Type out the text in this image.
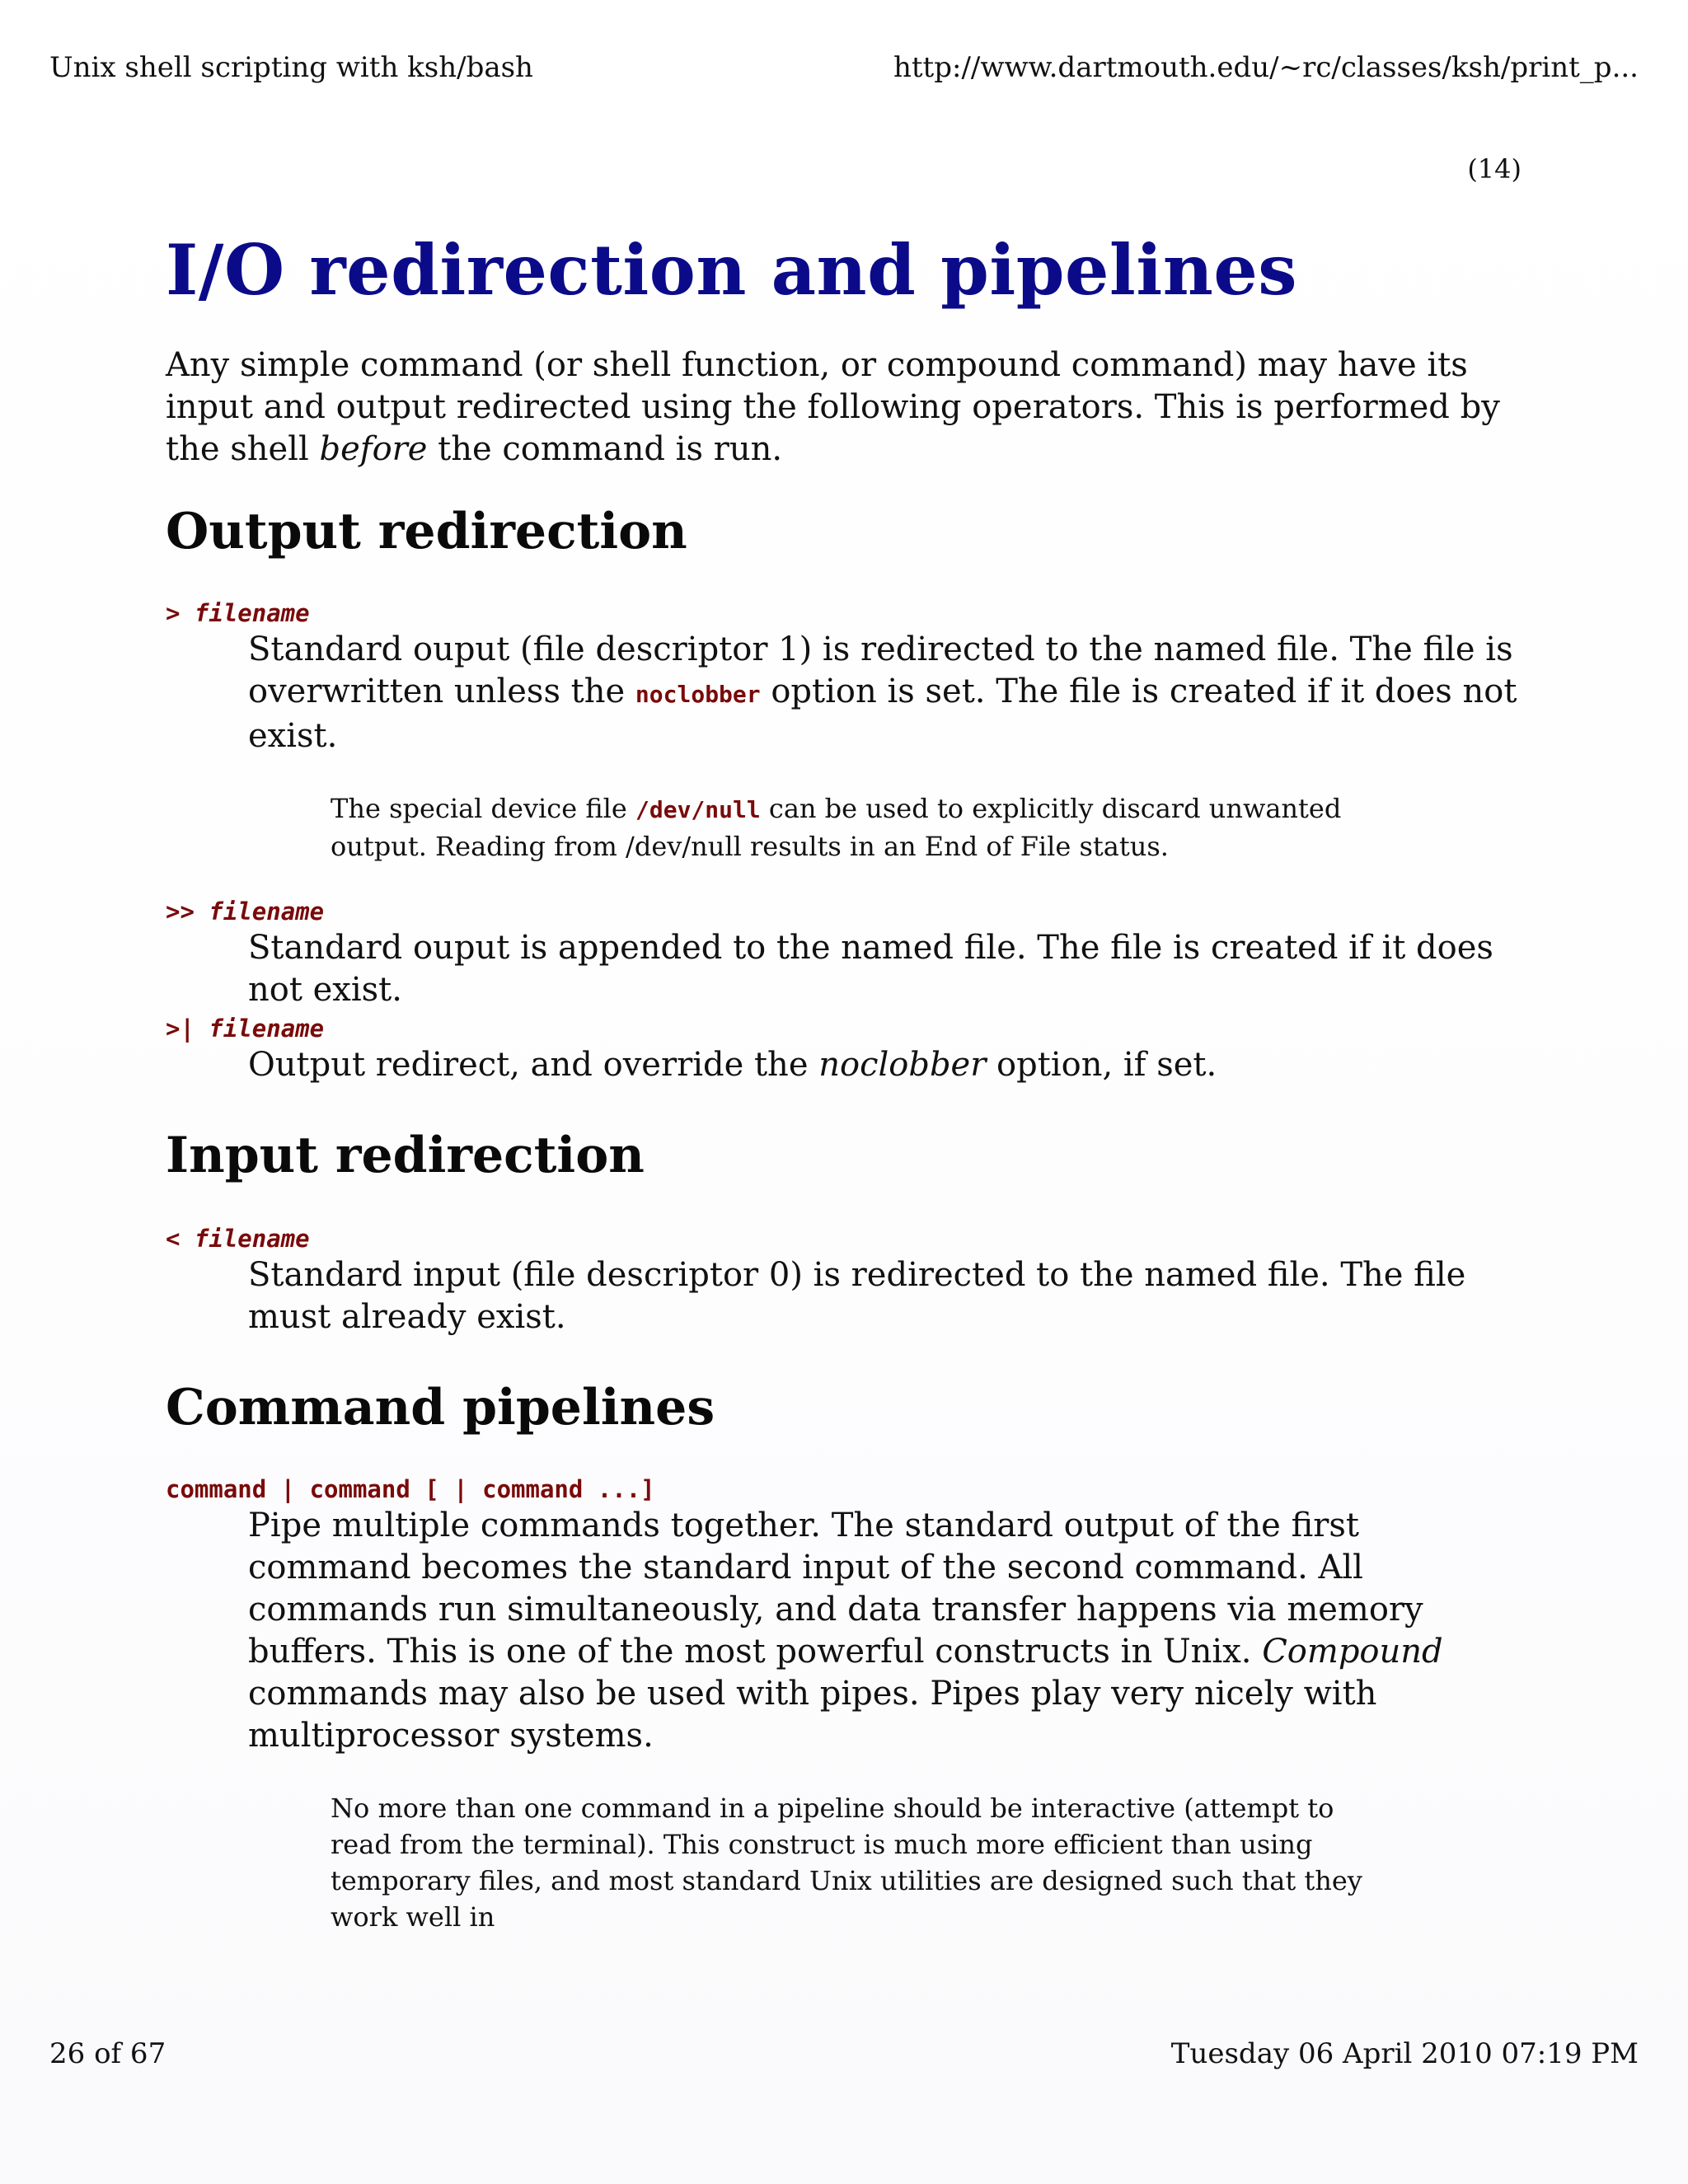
Unix shell scripting with ksh/bash	http://www.dartmouth.edu/~rc/classes/ksh/print_p...
(14)
I/O redirection and pipelines

Any simple command (or shell function, or compound command) may have its input and output redirected using the following operators. This is performed by the shell before the command is run.

Output redirection
> filename
Standard ouput (file descriptor 1) is redirected to the named file. The file is overwritten unless the noclobber option is set. The file is created if it does not exist.
The special device file /dev/null can be used to explicitly discard unwanted output. Reading from /dev/null results in an End of File status.
>> filename
Standard ouput is appended to the named file. The file is created if it does not exist.
>| filename
Output redirect, and override the noclobber option, if set.
Input redirection
< filename
Standard input (file descriptor 0) is redirected to the named file. The file must already exist.
Command pipelines
command | command [ | command ...]
Pipe multiple commands together. The standard output of the first command becomes the standard input of the second command. All commands run simultaneously, and data transfer happens via memory buffers. This is one of the most powerful constructs in Unix. Compound commands may also be used with pipes. Pipes play very nicely with multiprocessor systems.
No more than one command in a pipeline should be interactive (attempt to read from the terminal). This construct is much more efficient than using temporary files, and most standard Unix utilities are designed such that they work well in
26 of 67	Tuesday 06 April 2010 07:19 PM
